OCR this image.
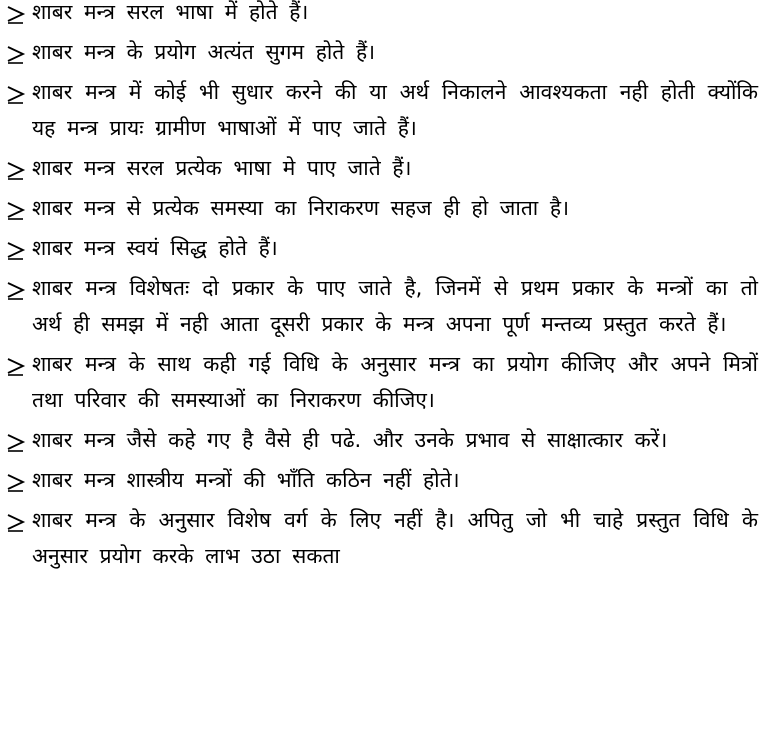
शाबर मन्त्र सरल भाषा में होते हैं।
शाबर मन्त्र के प्रयोग अत्यंत सुगम होते हैं।
शाबर मन्त्र में कोई भी सुधार करने की या अर्थ निकालने आवश्यकता नही होती क्योंकि यह मन्त्र प्रायः ग्रामीण भाषाओं में पाए जाते हैं।
शाबर मन्त्र सरल प्रत्येक भाषा मे पाए जाते हैं।
शाबर मन्त्र से प्रत्येक समस्या का निराकरण सहज ही हो जाता है।
शाबर मन्त्र स्वयं सिद्ध होते हैं।
शाबर मन्त्र विशेषतः दो प्रकार के पाए जाते है, जिनमें से प्रथम प्रकार के मन्त्रों का तो अर्थ ही समझ में नही आता दूसरी प्रकार के मन्त्र अपना पूर्ण मन्तव्य प्रस्तुत करते हैं।
शाबर मन्त्र के साथ कही गई विधि के अनुसार मन्त्र का प्रयोग कीजिए और अपने मित्रों तथा परिवार की समस्याओं का निराकरण कीजिए।
शाबर मन्त्र जैसे कहे गए है वैसे ही पढे. और उनके प्रभाव से साक्षात्कार करें।
शाबर मन्त्र शास्त्रीय मन्त्रों की भाँति कठिन नहीं होते।
शाबर मन्त्र के अनुसार विशेष वर्ग के लिए नहीं है। अपितु जो भी चाहे प्रस्तुत विधि के अनुसार प्रयोग करके लाभ उठा सकता
